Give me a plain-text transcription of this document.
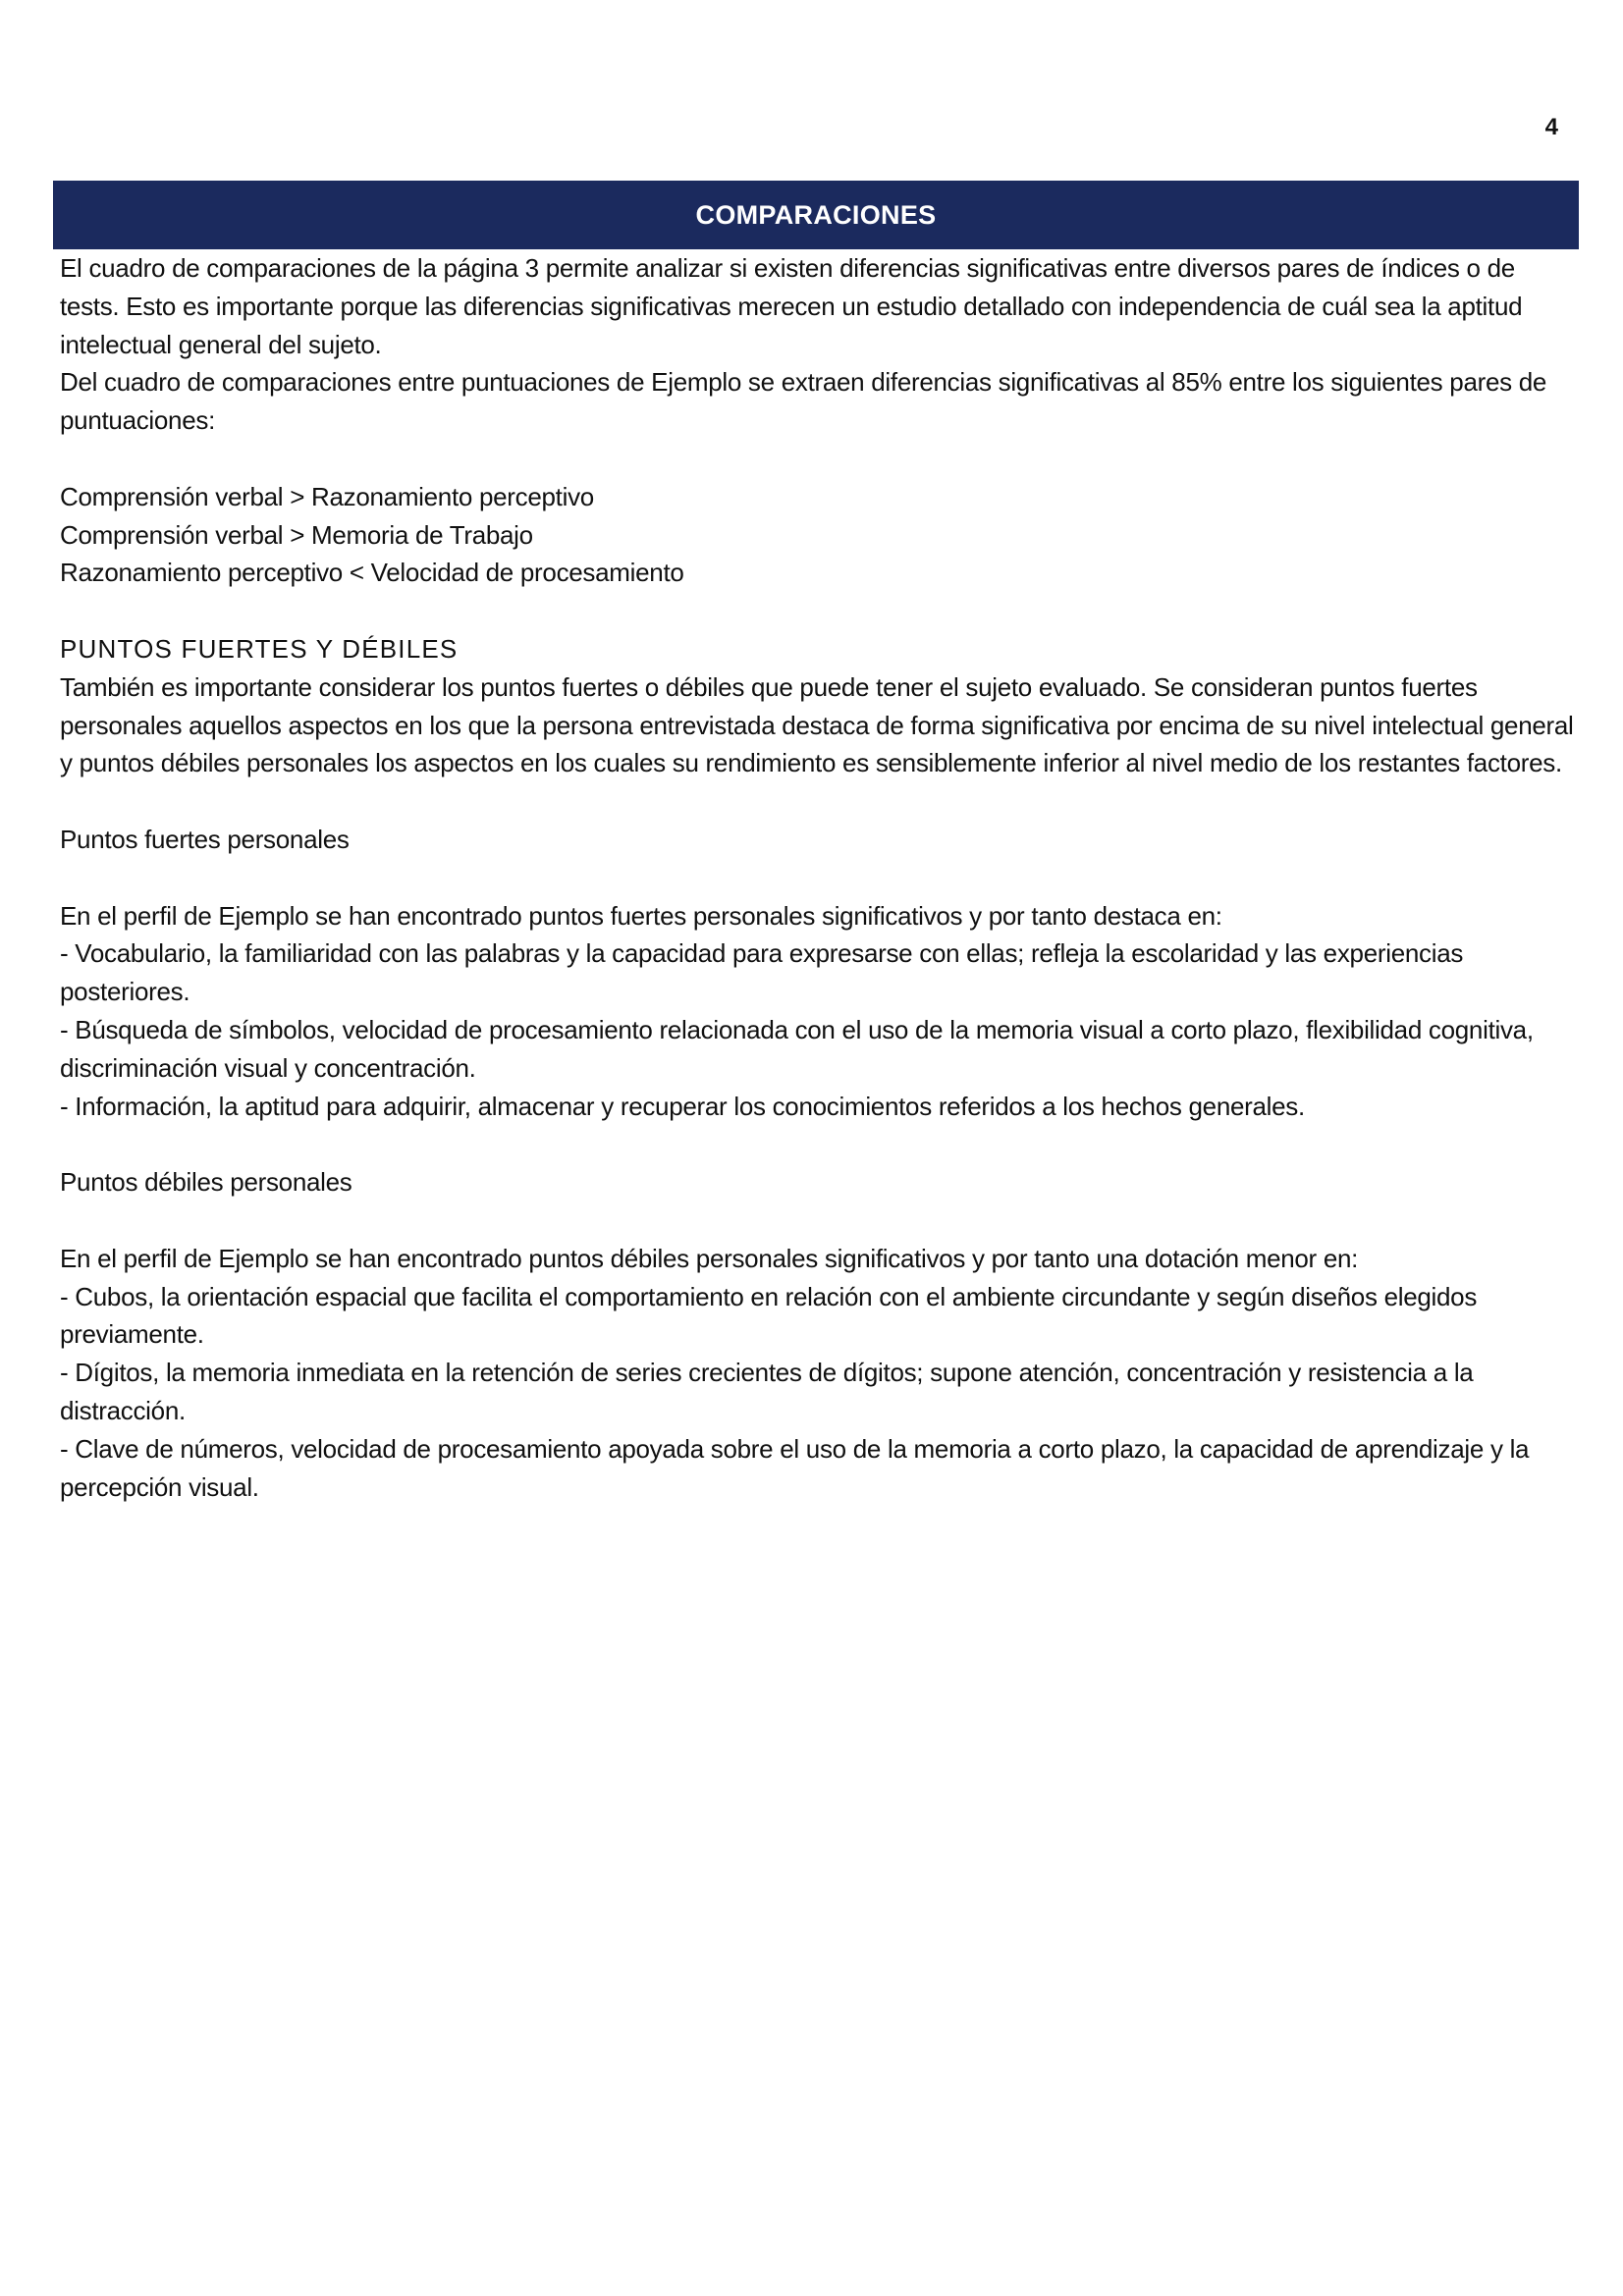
4
COMPARACIONES

El cuadro de comparaciones de la página 3 permite analizar si existen diferencias significativas entre diversos pares de índices o de tests. Esto es importante porque las diferencias significativas merecen un estudio detallado con independencia de cuál sea la aptitud intelectual general del sujeto.

Del cuadro de comparaciones entre puntuaciones de Ejemplo se extraen diferencias significativas al 85% entre los siguientes pares de puntuaciones:

Comprensión verbal > Razonamiento perceptivo

Comprensión verbal > Memoria de Trabajo

Razonamiento perceptivo < Velocidad de procesamiento

PUNTOS FUERTES Y DÉBILES

También es importante considerar los puntos fuertes o débiles que puede tener el sujeto evaluado. Se consideran puntos fuertes personales aquellos aspectos en los que la persona entrevistada destaca de forma significativa por encima de su nivel intelectual general y puntos débiles personales los aspectos en los cuales su rendimiento es sensiblemente inferior al nivel medio de los restantes factores.

Puntos fuertes personales

En el perfil de Ejemplo se han encontrado puntos fuertes personales significativos y por tanto destaca en:

- Vocabulario, la familiaridad con las palabras y la capacidad para expresarse con ellas; refleja la escolaridad y las experiencias posteriores.

- Búsqueda de símbolos, velocidad de procesamiento relacionada con el uso de la memoria visual a corto plazo, flexibilidad cognitiva, discriminación visual y concentración.

- Información, la aptitud para adquirir, almacenar y recuperar los conocimientos referidos a los hechos generales.

Puntos débiles personales

En el perfil de Ejemplo se han encontrado puntos débiles personales significativos y por tanto una dotación menor en:

- Cubos, la orientación espacial que facilita el comportamiento en relación con el ambiente circundante y según diseños elegidos previamente.

- Dígitos, la memoria inmediata en la retención de series crecientes de dígitos; supone atención, concentración y resistencia a la distracción.

- Clave de números, velocidad de procesamiento apoyada sobre el uso de la memoria a corto plazo, la capacidad de aprendizaje y la percepción visual.
